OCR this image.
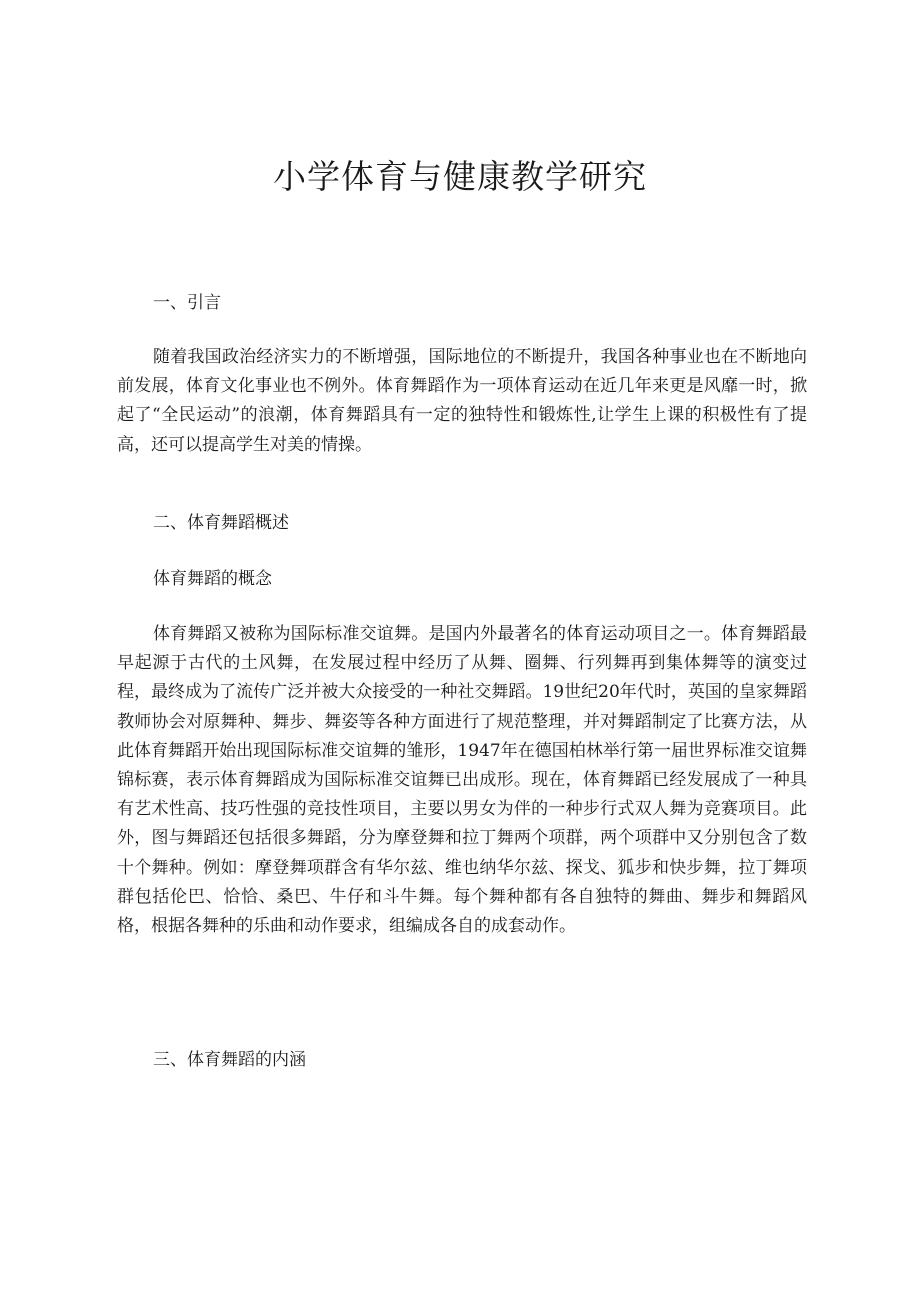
小学体育与健康教学研究

一、引言

随着我国政治经济实力的不断增强，国际地位的不断提升，我国各种事业也在不断地向前发展，体育文化事业也不例外。体育舞蹈作为一项体育运动在近几年来更是风靡一时，掀起了“全民运动”的浪潮，体育舞蹈具有一定的独特性和锻炼性,让学生上课的积极性有了提高，还可以提高学生对美的情操。

二、体育舞蹈概述

体育舞蹈的概念

体育舞蹈又被称为国际标准交谊舞。是国内外最著名的体育运动项目之一。体育舞蹈最早起源于古代的土风舞，在发展过程中经历了从舞、圈舞、行列舞再到集体舞等的演变过程，最终成为了流传广泛并被大众接受的一种社交舞蹈。19世纪20年代时，英国的皇家舞蹈教师协会对原舞种、舞步、舞姿等各种方面进行了规范整理，并对舞蹈制定了比赛方法，从此体育舞蹈开始出现国际标准交谊舞的雏形，1947年在德国柏林举行第一届世界标准交谊舞锦标赛，表示体育舞蹈成为国际标准交谊舞已出成形。现在，体育舞蹈已经发展成了一种具有艺术性高、技巧性强的竞技性项目，主要以男女为伴的一种步行式双人舞为竞赛项目。此外，图与舞蹈还包括很多舞蹈，分为摩登舞和拉丁舞两个项群，两个项群中又分别包含了数十个舞种。例如：摩登舞项群含有华尔兹、维也纳华尔兹、探戈、狐步和快步舞，拉丁舞项群包括伦巴、恰恰、桑巴、牛仔和斗牛舞。每个舞种都有各自独特的舞曲、舞步和舞蹈风格，根据各舞种的乐曲和动作要求，组编成各自的成套动作。

三、体育舞蹈的内涵
